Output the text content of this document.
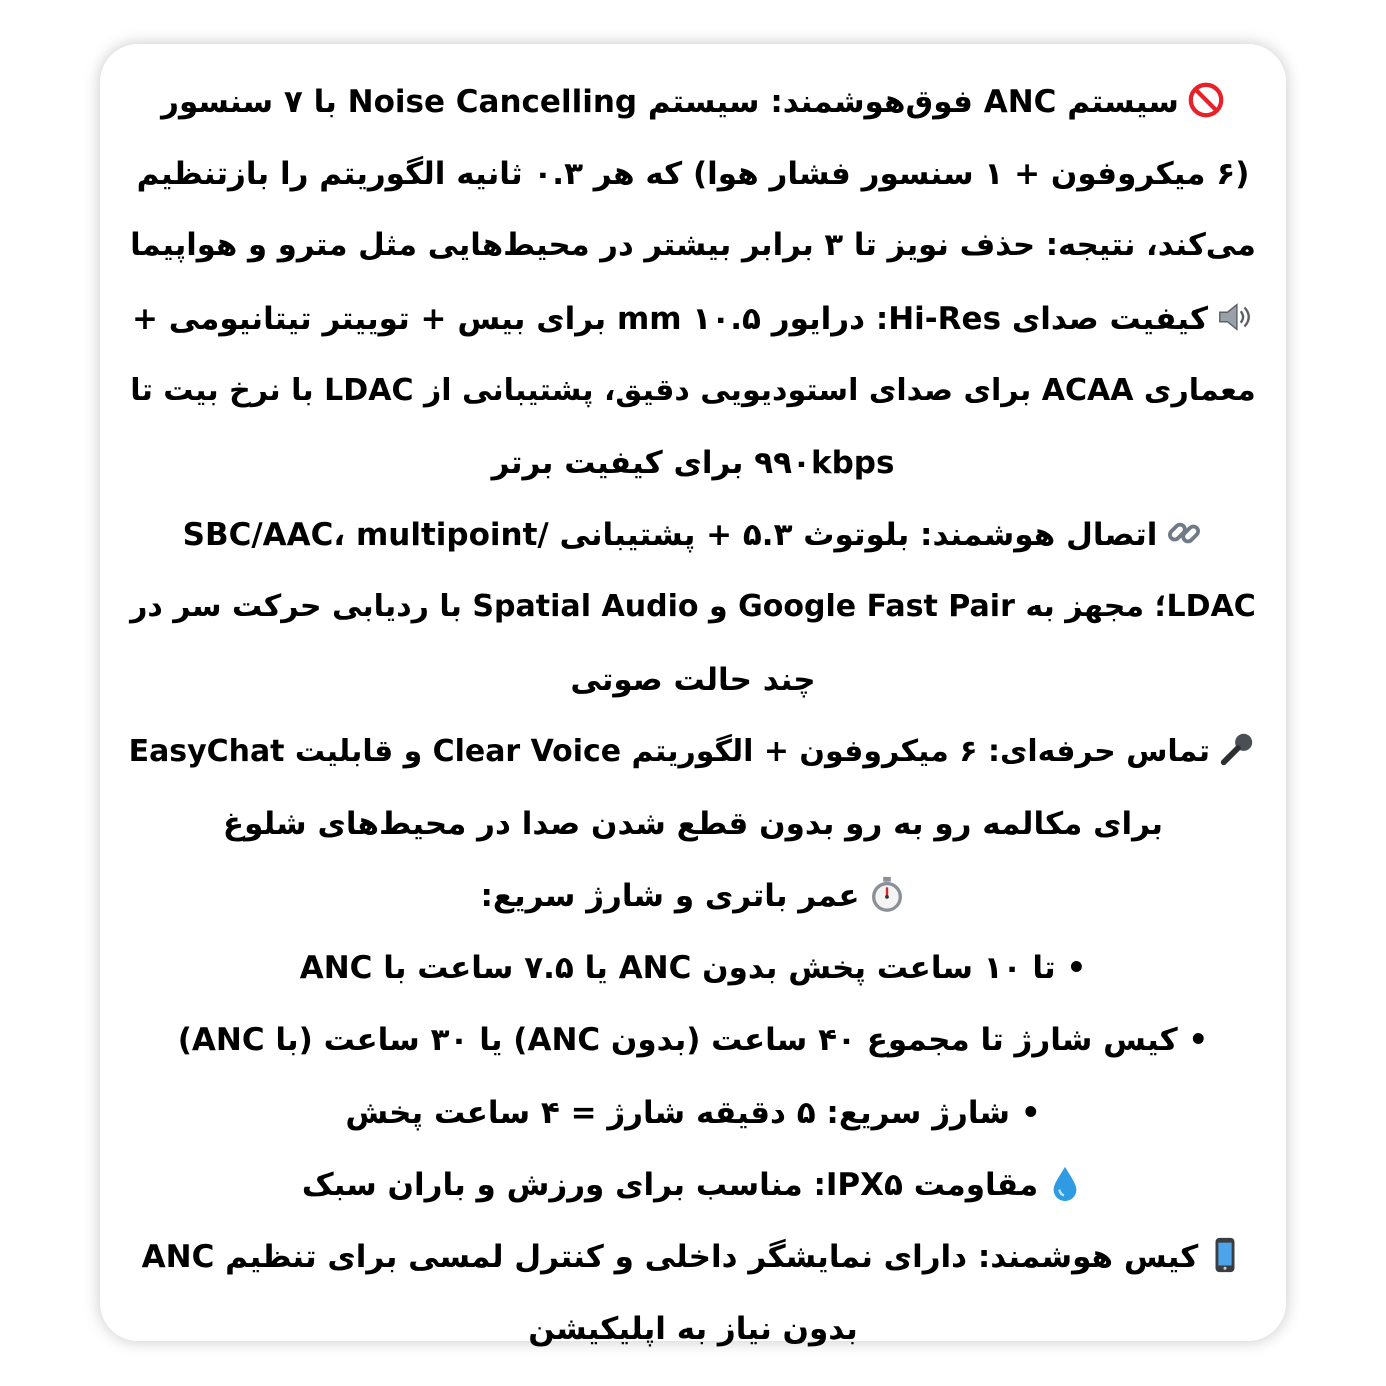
سیستم ANC فوق‌هوشمند: سیستم Noise Cancelling با ۷ سنسور
(۶ میکروفون + ۱ سنسور فشار هوا) که هر ۰.۳ ثانیه الگوریتم را بازتنظیم
می‌کند، نتیجه: حذف نویز تا ۳ برابر بیشتر در محیط‌هایی مثل مترو و هواپیما
کیفیت صدای Hi-Res: درایور ۱۰.۵ mm برای بیس + توییتر تیتانیومی +
معماری ACAA برای صدای استودیویی دقیق، پشتیبانی از LDAC با نرخ بیت تا
۹۹۰kbps برای کیفیت برتر
اتصال هوشمند: بلوتوث ۵.۳ + پشتیبانی /SBC/AAC، multipoint
LDAC؛ مجهز به Google Fast Pair و Spatial Audio با ردیابی حرکت سر در
چند حالت صوتی
تماس حرفه‌ای: ۶ میکروفون + الگوریتم Clear Voice و قابلیت EasyChat
برای مکالمه رو به رو بدون قطع شدن صدا در محیط‌های شلوغ
عمر باتری و شارژ سریع:
• تا ۱۰ ساعت پخش بدون ANC یا ۷.۵ ساعت با ANC
• کیس شارژ تا مجموع ۴۰ ساعت (بدون ANC) یا ۳۰ ساعت (با ANC)
• شارژ سریع: ۵ دقیقه شارژ = ۴ ساعت پخش
مقاومت IPX۵: مناسب برای ورزش و باران سبک
کیس هوشمند: دارای نمایشگر داخلی و کنترل لمسی برای تنظیم ANC
بدون نیاز به اپلیکیشن
